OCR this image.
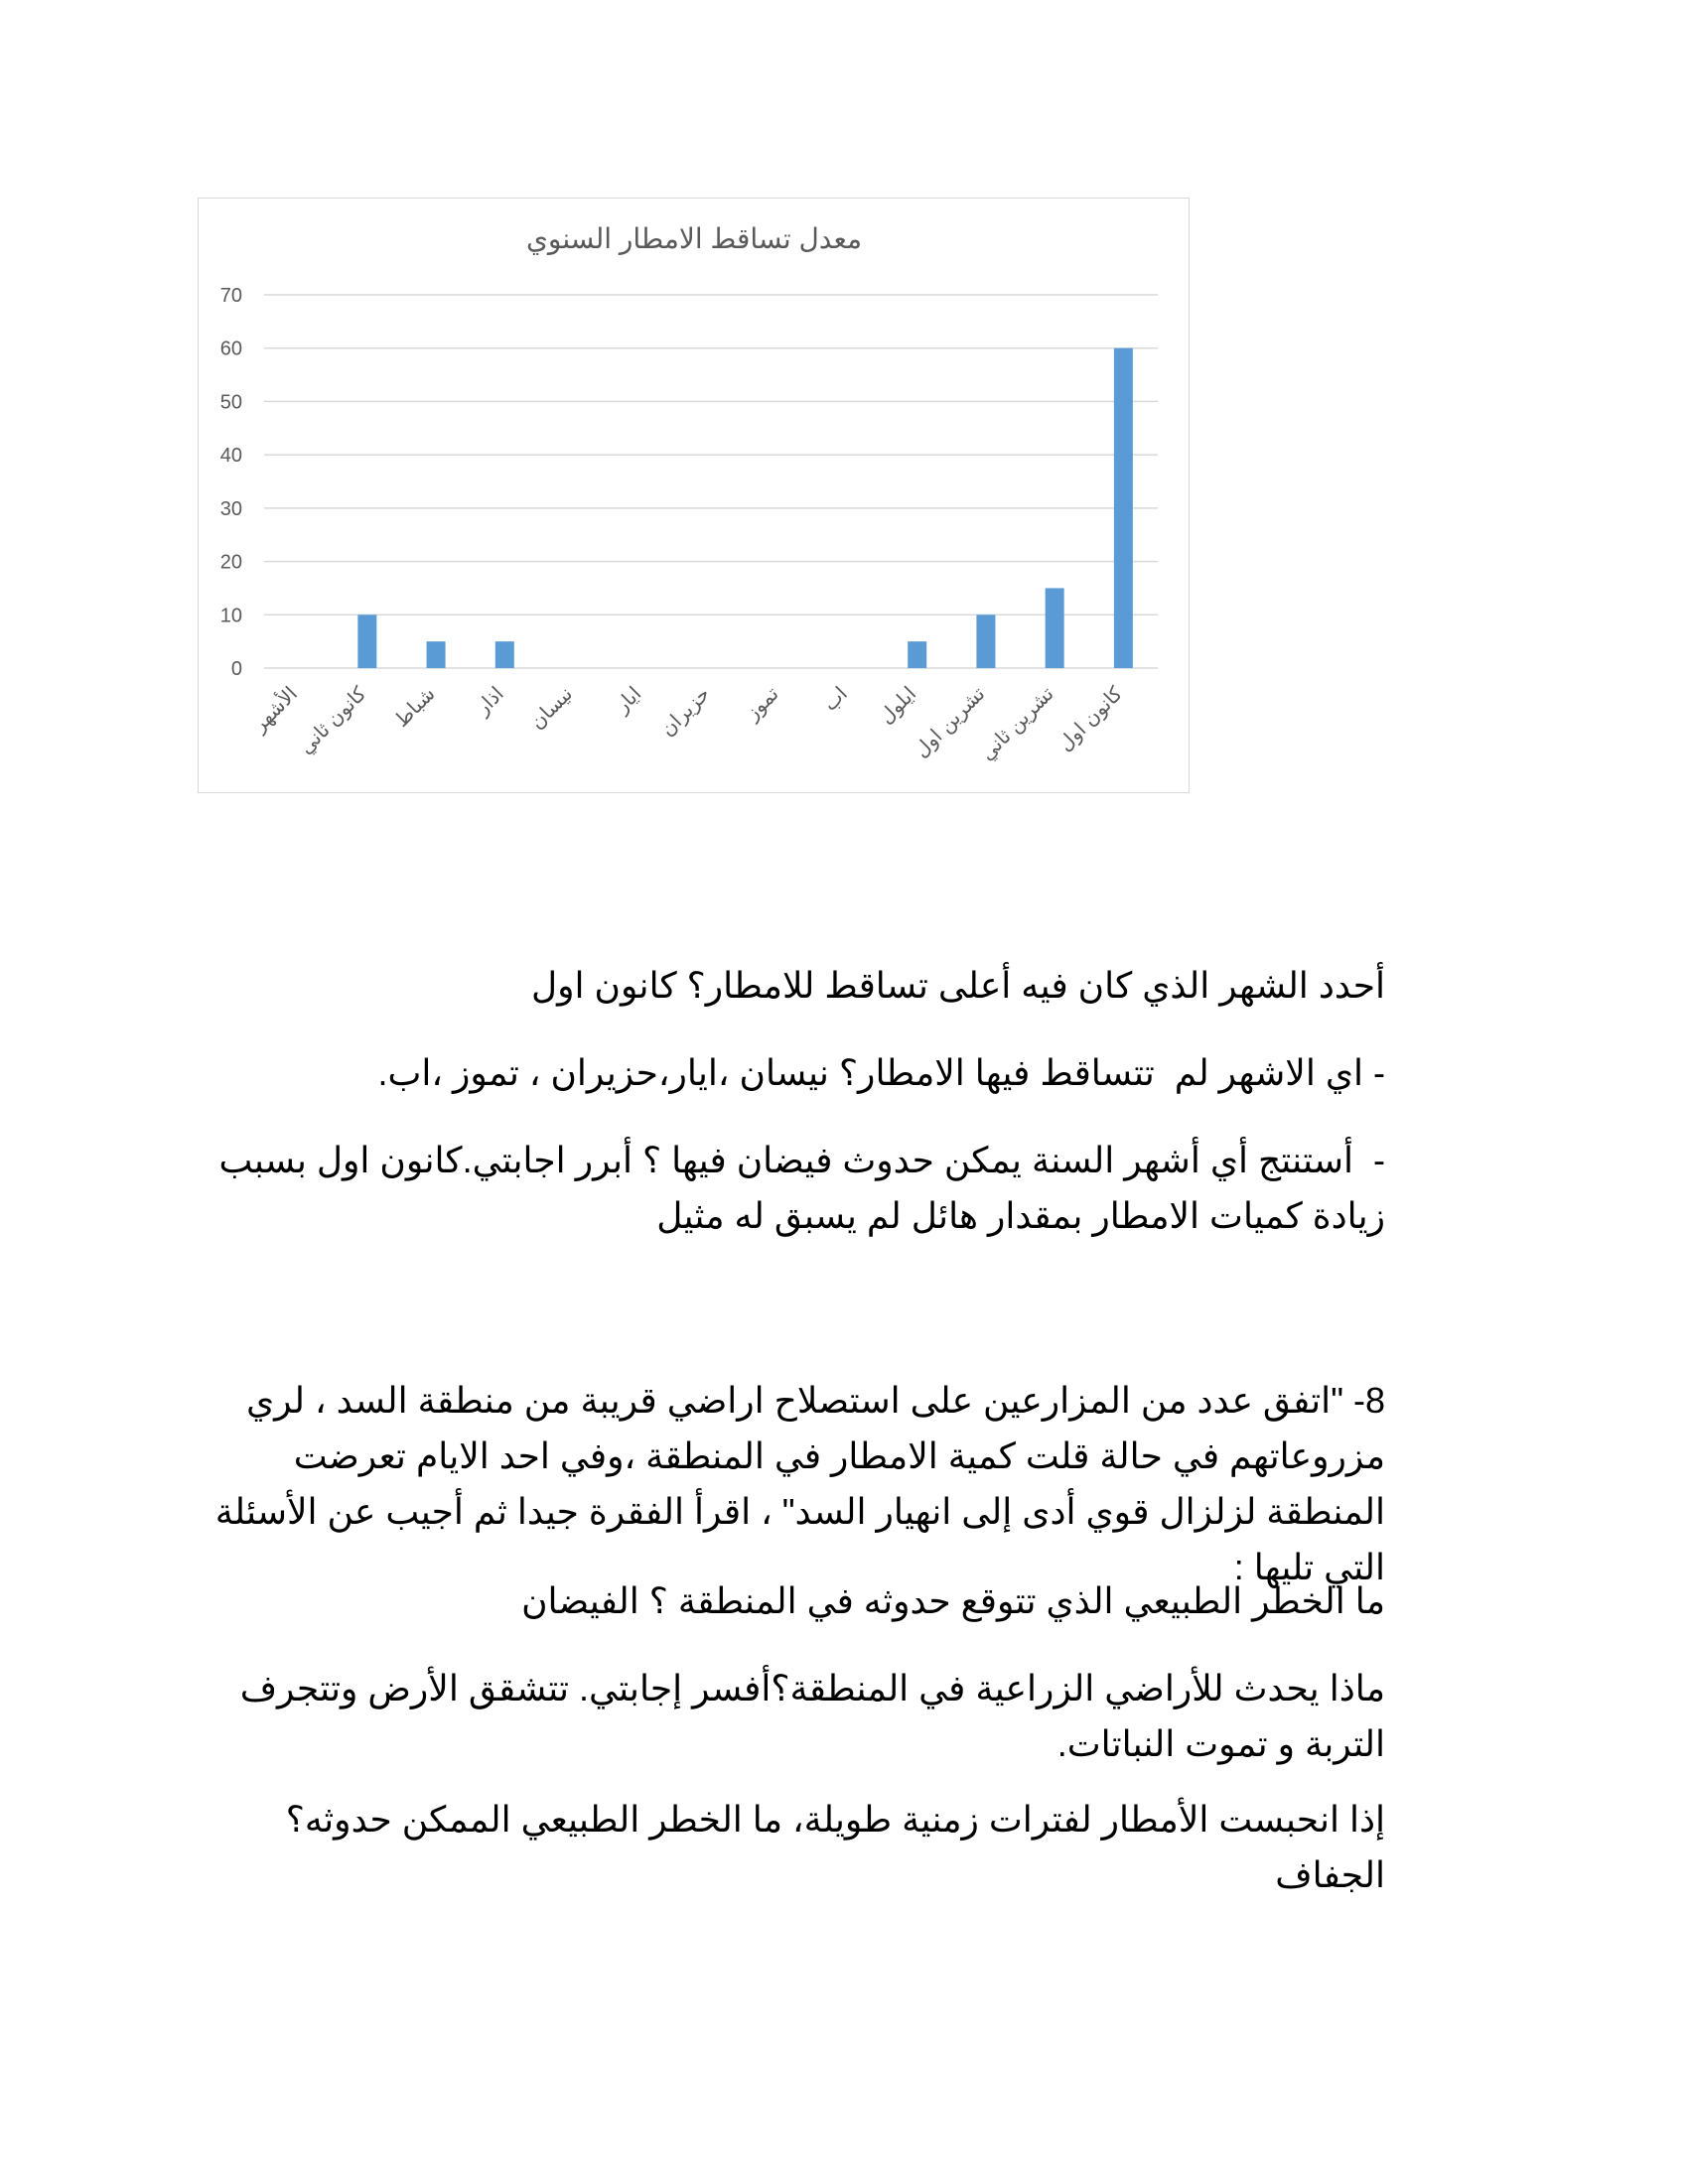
معدل تساقط الامطار السنوي
0
10
20
30
40
50
60
70
الأشهر
كانون ثاني شباط اذار نيسان ايار حزيران تموز اب ايلول
تشرين اول
تشرين ثاني
كانون اول

أحدد الشهر الذي كان فيه أعلى تساقط للامطار؟ كانون اول

- اي الاشهر لم  تتساقط فيها الامطار؟ نيسان ،ايار،حزيران ، تموز ،اب.

-  أستنتج أي أشهر السنة يمكن حدوث فيضان فيها ؟ أبرر اجابتي.كانون اول بسبب زيادة كميات الامطار بمقدار هائل لم يسبق له مثيل

8- "اتفق عدد من المزارعين على استصلاح اراضي قريبة من منطقة السد ، لري مزروعاتهم في حالة قلت كمية الامطار في المنطقة ،وفي احد الايام تعرضت المنطقة لزلزال قوي أدى إلى انهيار السد" ، اقرأ الفقرة جيدا ثم أجيب عن الأسئلة التي تليها :

ما الخطر الطبيعي الذي تتوقع حدوثه في المنطقة ؟ الفيضان

ماذا يحدث للأراضي الزراعية في المنطقة؟أفسر إجابتي. تتشقق الأرض وتتجرف التربة و تموت النباتات.

إذا انحبست الأمطار لفترات زمنية طويلة، ما الخطر الطبيعي الممكن حدوثه؟ الجفاف
